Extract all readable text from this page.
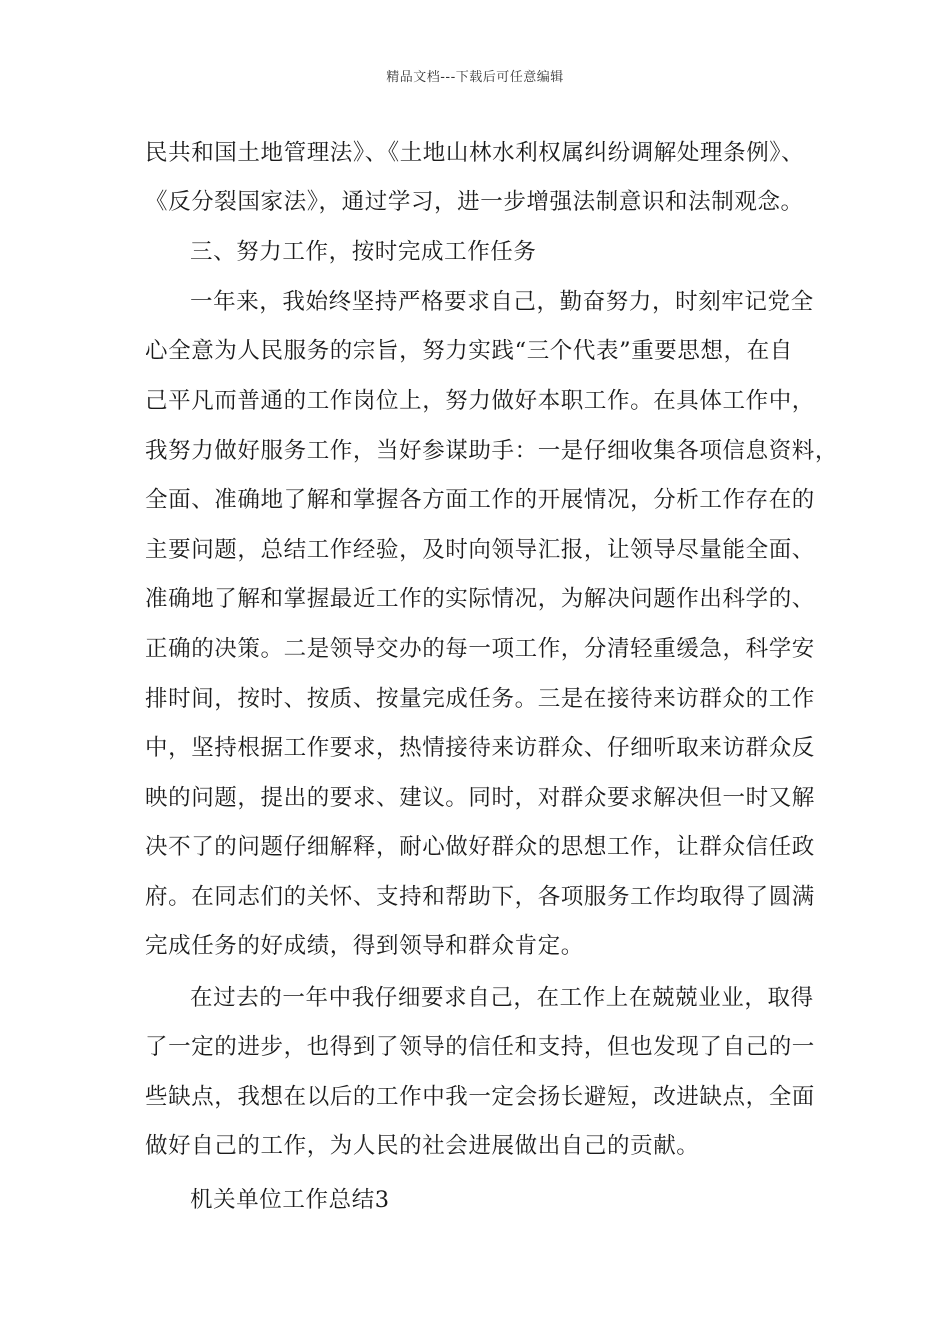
精品文档---下载后可任意编辑
民共和国土地管理法》、《土地山林水利权属纠纷调解处理条例》、
《反分裂国家法》，通过学习，进一步增强法制意识和法制观念。
三、努力工作，按时完成工作任务
一年来，我始终坚持严格要求自己，勤奋努力，时刻牢记党全
心全意为人民服务的宗旨，努力实践“三个代表”重要思想，在自
己平凡而普通的工作岗位上，努力做好本职工作。在具体工作中，
我努力做好服务工作，当好参谋助手：一是仔细收集各项信息资料，
全面、准确地了解和掌握各方面工作的开展情况，分析工作存在的
主要问题，总结工作经验，及时向领导汇报，让领导尽量能全面、
准确地了解和掌握最近工作的实际情况，为解决问题作出科学的、
正确的决策。二是领导交办的每一项工作，分清轻重缓急，科学安
排时间，按时、按质、按量完成任务。三是在接待来访群众的工作
中，坚持根据工作要求，热情接待来访群众、仔细听取来访群众反
映的问题，提出的要求、建议。同时，对群众要求解决但一时又解
决不了的问题仔细解释，耐心做好群众的思想工作，让群众信任政
府。在同志们的关怀、支持和帮助下，各项服务工作均取得了圆满
完成任务的好成绩，得到领导和群众肯定。
在过去的一年中我仔细要求自己，在工作上在兢兢业业，取得
了一定的进步，也得到了领导的信任和支持，但也发现了自己的一
些缺点，我想在以后的工作中我一定会扬长避短，改进缺点，全面
做好自己的工作，为人民的社会进展做出自己的贡献。
机关单位工作总结3
